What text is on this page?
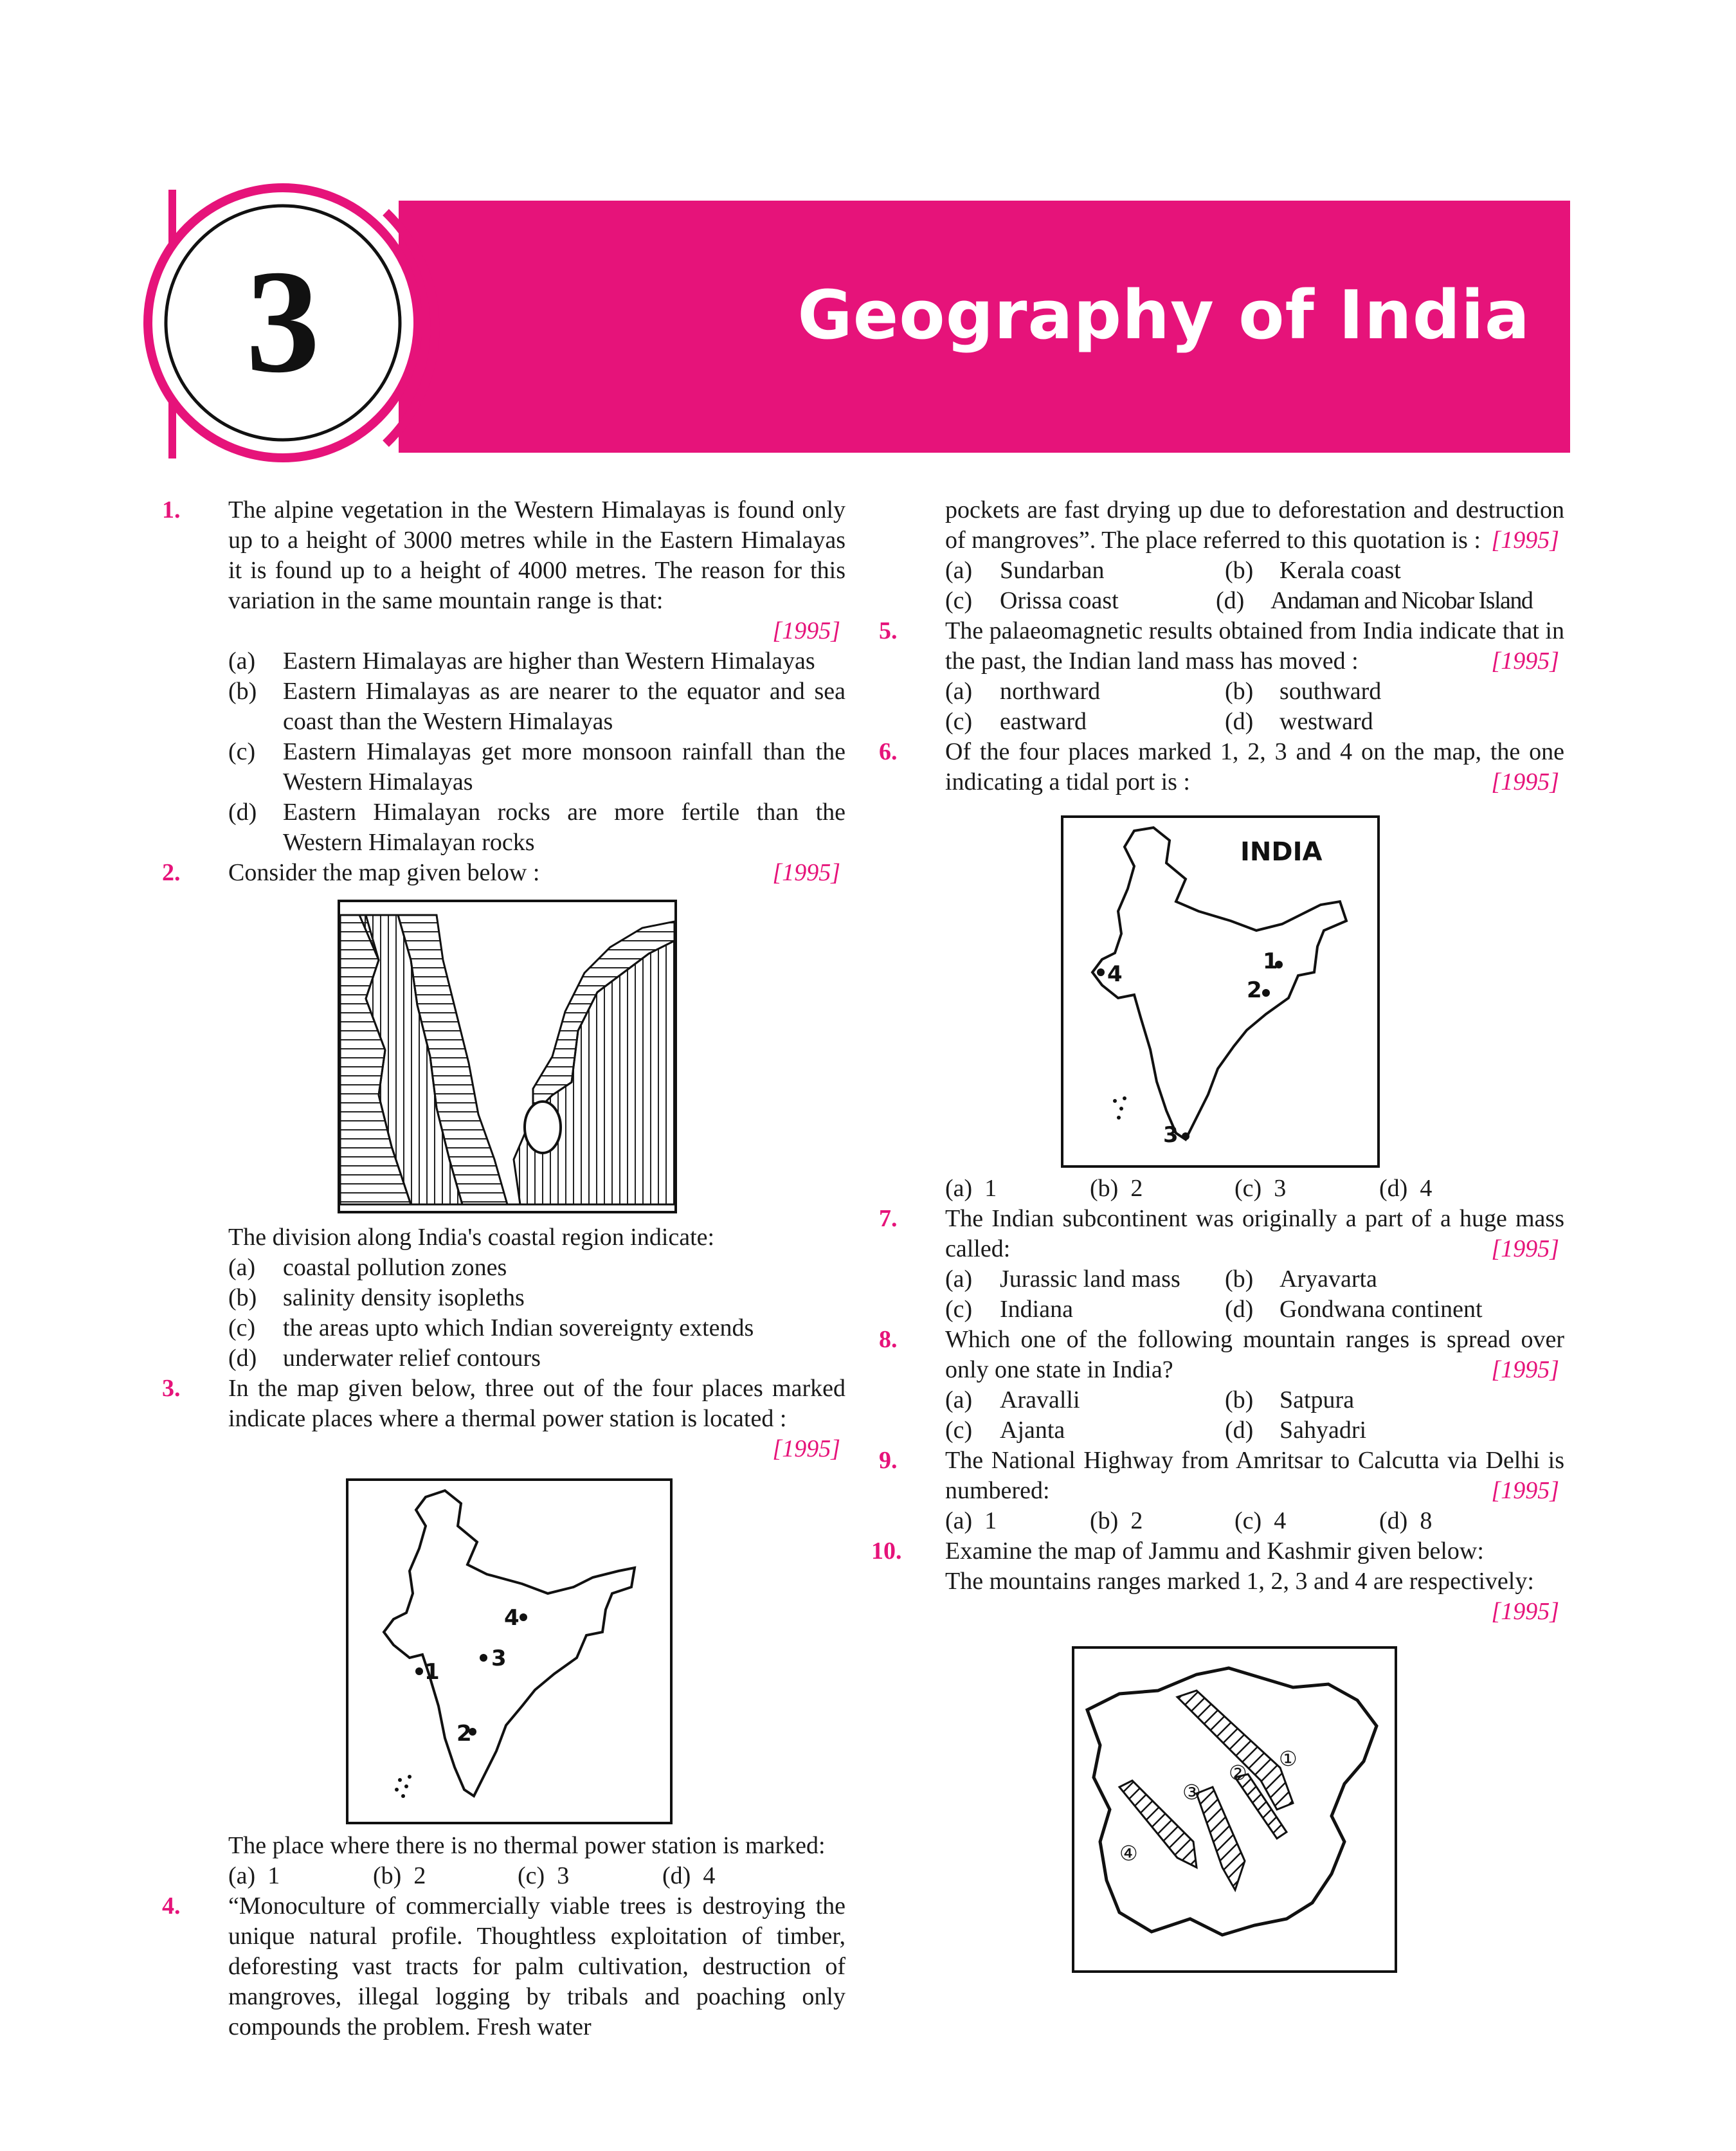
3	Geography of India
1. The alpine vegetation in the Western Himalayas is found only up to a height of 3000 metres while in the Eastern Himalayas it is found up to a height of 4000 metres. The reason for this variation in the same mountain range is that:
[1995]
(a) Eastern Himalayas are higher than Western Himalayas
(b) Eastern Himalayas as are nearer to the equator and sea coast than the Western Himalayas
(c) Eastern Himalayas get more monsoon rainfall than the Western Himalayas
(d) Eastern Himalayan rocks are more fertile than the Western Himalayan rocks
2. Consider the map given below :	[1995]
The division along India's coastal region indicate:
(a) coastal pollution zones
(b) salinity density isopleths
(c) the areas upto which Indian sovereignty extends
(d) underwater relief contours
3. In the map given below, three out of the four places marked indicate places where a thermal power station is located :
[1995]
1
2
3
4
The place where there is no thermal power station is marked:
(a) 1	(b) 2	(c) 3	(d) 4
4. “Monoculture of commercially viable trees is destroying the unique natural profile. Thoughtless exploitation of timber, deforesting vast tracts for palm cultivation, destruction of mangroves, illegal logging by tribals and poaching only compounds the problem. Fresh water
pockets are fast drying up due to deforestation and destruction of mangroves”. The place referred to this quotation is : [1995]
(a)	Sundarban	(b)	Kerala coast
(c)	Orissa coast	(d)	Andaman and Nicobar Island
5. The palaeomagnetic results obtained from India indicate that in the past, the Indian land mass has moved :	[1995]
(a)	northward	(b)	southward
(c)	eastward	(d)	westward
6. Of the four places marked 1, 2, 3 and 4 on the map, the one indicating a tidal port is :	[1995]
INDIA
1
2
3
4
(a) 1	(b) 2	(c) 3	(d) 4
7. The Indian subcontinent was originally a part of a huge mass called:	[1995]
(a)	Jurassic land mass (b)	Aryavarta
(c)	Indiana	(d)	Gondwana continent
8. Which one of the following mountain ranges is spread over only one state in India?	[1995]
(a)	Aravalli	(b)	Satpura
(c)	Ajanta	(d)	Sahyadri
9. The National Highway from Amritsar to Calcutta via Delhi is numbered:	[1995]
(a) 1	(b) 2	(c) 4	(d) 8
10. Examine the map of Jammu and Kashmir given below:
The mountains ranges marked 1, 2, 3 and 4 are respectively:
[1995]
①
②
③
④
